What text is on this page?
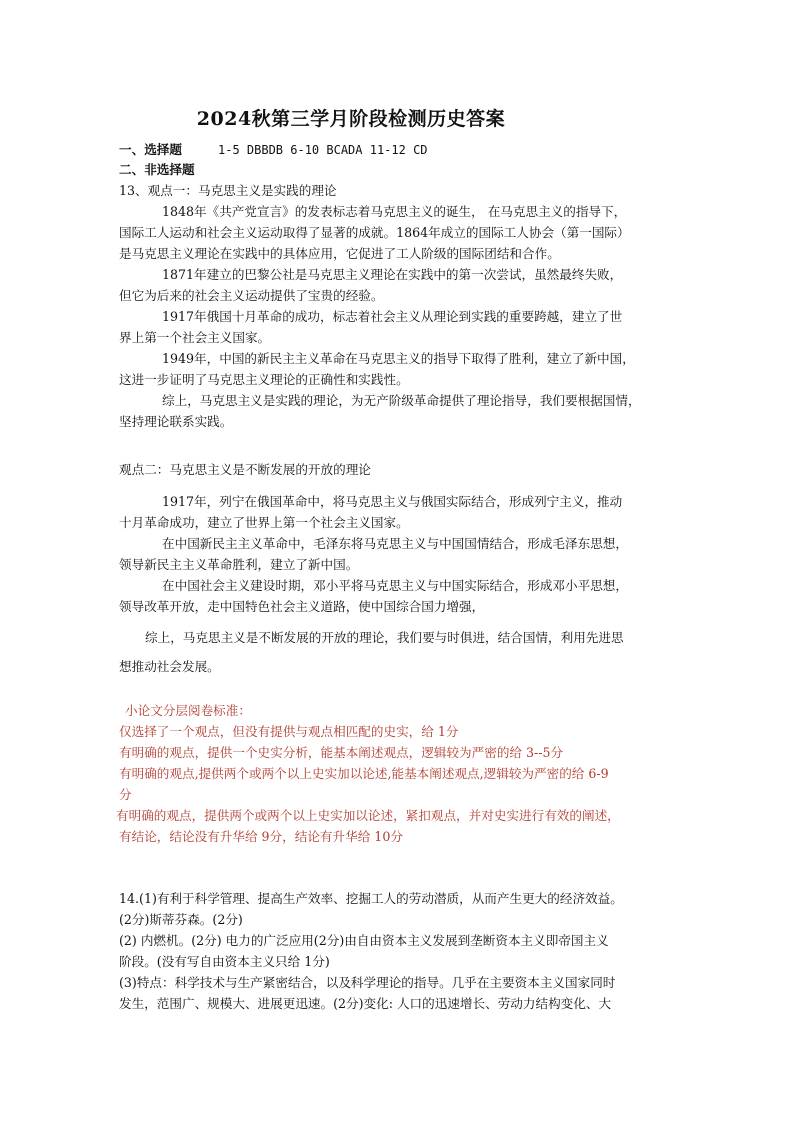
2024秋第三学月阶段检测历史答案
一、选择题	1-5 DBBDB 6-10 BCADA 11-12 CD
二、非选择题
13、观点一：马克思主义是实践的理论
1848年《共产党宣言》的发表标志着马克思主义的诞生， 在马克思主义的指导下，
国际工人运动和社会主义运动取得了显著的成就。1864年成立的国际工人协会（第一国际）
是马克思主义理论在实践中的具体应用，它促进了工人阶级的国际团结和合作。
1871年建立的巴黎公社是马克思主义理论在实践中的第一次尝试，虽然最终失败，
但它为后来的社会主义运动提供了宝贵的经验。
1917年俄国十月革命的成功，标志着社会主义从理论到实践的重要跨越，建立了世
界上第一个社会主义国家。
1949年，中国的新民主主义革命在马克思主义的指导下取得了胜利，建立了新中国，
这进一步证明了马克思主义理论的正确性和实践性。
综上，马克思主义是实践的理论，为无产阶级革命提供了理论指导，我们要根据国情，
坚持理论联系实践。
观点二：马克思主义是不断发展的开放的理论
1917年，列宁在俄国革命中，将马克思主义与俄国实际结合，形成列宁主义，推动
十月革命成功，建立了世界上第一个社会主义国家。
在中国新民主主义革命中，毛泽东将马克思主义与中国国情结合，形成毛泽东思想，
领导新民主主义革命胜利，建立了新中国。
在中国社会主义建设时期，邓小平将马克思主义与中国实际结合，形成邓小平思想，
领导改革开放，走中国特色社会主义道路，使中国综合国力增强，
综上，马克思主义是不断发展的开放的理论，我们要与时俱进，结合国情，利用先进思
想推动社会发展。
小论文分层阅卷标准：
仅选择了一个观点，但没有提供与观点相匹配的史实，给 1分
有明确的观点，提供一个史实分析，能基本阐述观点，逻辑较为严密的给 3--5分
有明确的观点,提供两个或两个以上史实加以论述,能基本阐述观点,逻辑较为严密的给 6-9
分
有明确的观点，提供两个或两个以上史实加以论述，紧扣观点，并对史实进行有效的阐述，
有结论，结论没有升华给 9分，结论有升华给 10分
14.(1)有利于科学管理、提高生产效率、挖掘工人的劳动潜质，从而产生更大的经济效益。
(2分)斯蒂芬森。(2分)
(2) 内燃机。(2分) 电力的广泛应用(2分)由自由资本主义发展到垄断资本主义即帝国主义
阶段。(没有写自由资本主义只给 1分)
(3)特点：科学技术与生产紧密结合，以及科学理论的指导。几乎在主要资本主义国家同时
发生，范围广、规模大、进展更迅速。(2分)变化: 人口的迅速增长、劳动力结构变化、大
